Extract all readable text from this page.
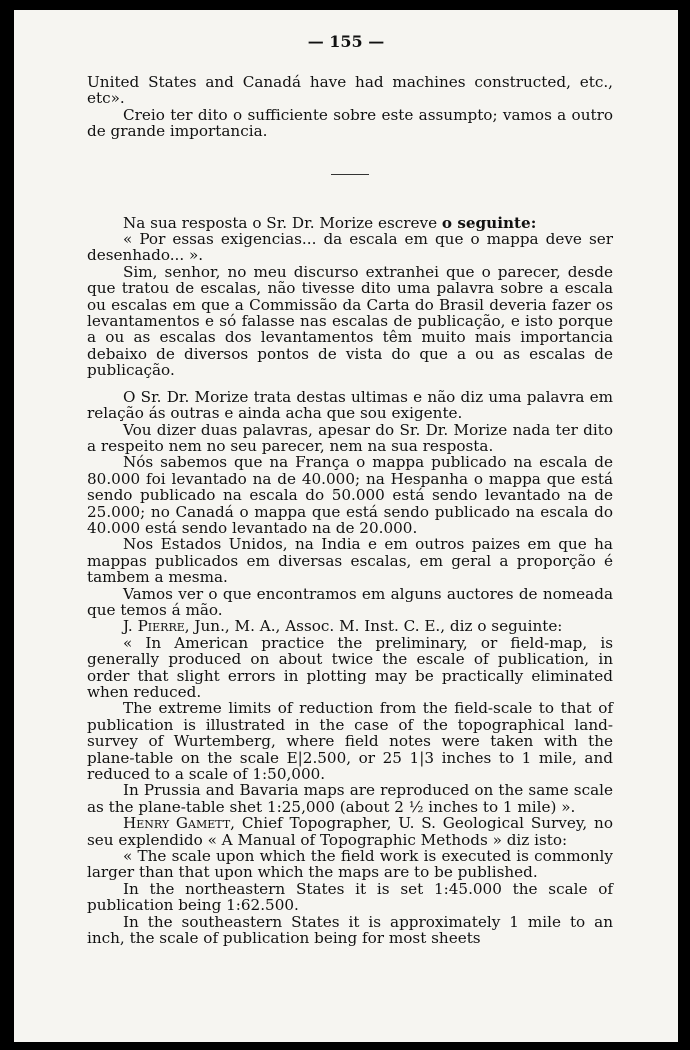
— 155 —

United States and Canadá have had machines constructed, etc., etc».

Creio ter dito o sufficiente sobre este assumpto; vamos a outro de grande importancia.

Na sua resposta o Sr. Dr. Morize escreve o seguinte:

« Por essas exigencias... da escala em que o mappa deve ser desenhado... ».

Sim, senhor, no meu discurso extranhei que o parecer, desde que tratou de escalas, não tivesse dito uma palavra sobre a escala ou escalas em que a Commissão da Carta do Brasil deveria fazer os levantamentos e só falasse nas escalas de publicação, e isto porque a ou as escalas dos levantamentos têm muito mais importancia debaixo de diversos pontos de vista do que a ou as escalas de publicação.

O Sr. Dr. Morize trata destas ultimas e não diz uma palavra em relação ás outras e ainda acha que sou exigente.

Vou dizer duas palavras, apesar do Sr. Dr. Morize nada ter dito a respeito nem no seu parecer, nem na sua resposta.

Nós sabemos que na França o mappa publicado na escala de 80.000 foi levantado na de 40.000; na Hespanha o mappa que está sendo publicado na escala do 50.000 está sendo levantado na de 25.000; no Canadá o mappa que está sendo publicado na escala do 40.000 está sendo levantado na de 20.000.

Nos Estados Unidos, na India e em outros paizes em que ha mappas publicados em diversas escalas, em geral a proporção é tambem a mesma.

Vamos ver o que encontramos em alguns auctores de nomeada que temos á mão.

J. Pierre, Jun., M. A., Assoc. M. Inst. C. E., diz o seguinte:

« In American practice the preliminary, or field-map, is generally produced on about twice the escale of publication, in order that slight errors in plotting may be practically eliminated when reduced.

The extreme limits of reduction from the field-scale to that of publication is illustrated in the case of the topographical land-survey of Wurtemberg, where field notes were taken with the plane-table on the scale E|2.500, or 25 1|3 inches to 1 mile, and reduced to a scale of 1:50,000.

In Prussia and Bavaria maps are reproduced on the same scale as the plane-table shet 1:25,000 (about 2 ½ inches to 1 mile) ».

Henry Gamett, Chief Topographer, U. S. Geological Survey, no seu explendido « A Manual of Topographic Methods » diz isto:

« The scale upon which the field work is executed is commonly larger than that upon which the maps are to be published.

In the northeastern States it is set 1:45.000 the scale of publication being 1:62.500.

In the southeastern States it is approximately 1 mile to an inch, the scale of publication being for most sheets
